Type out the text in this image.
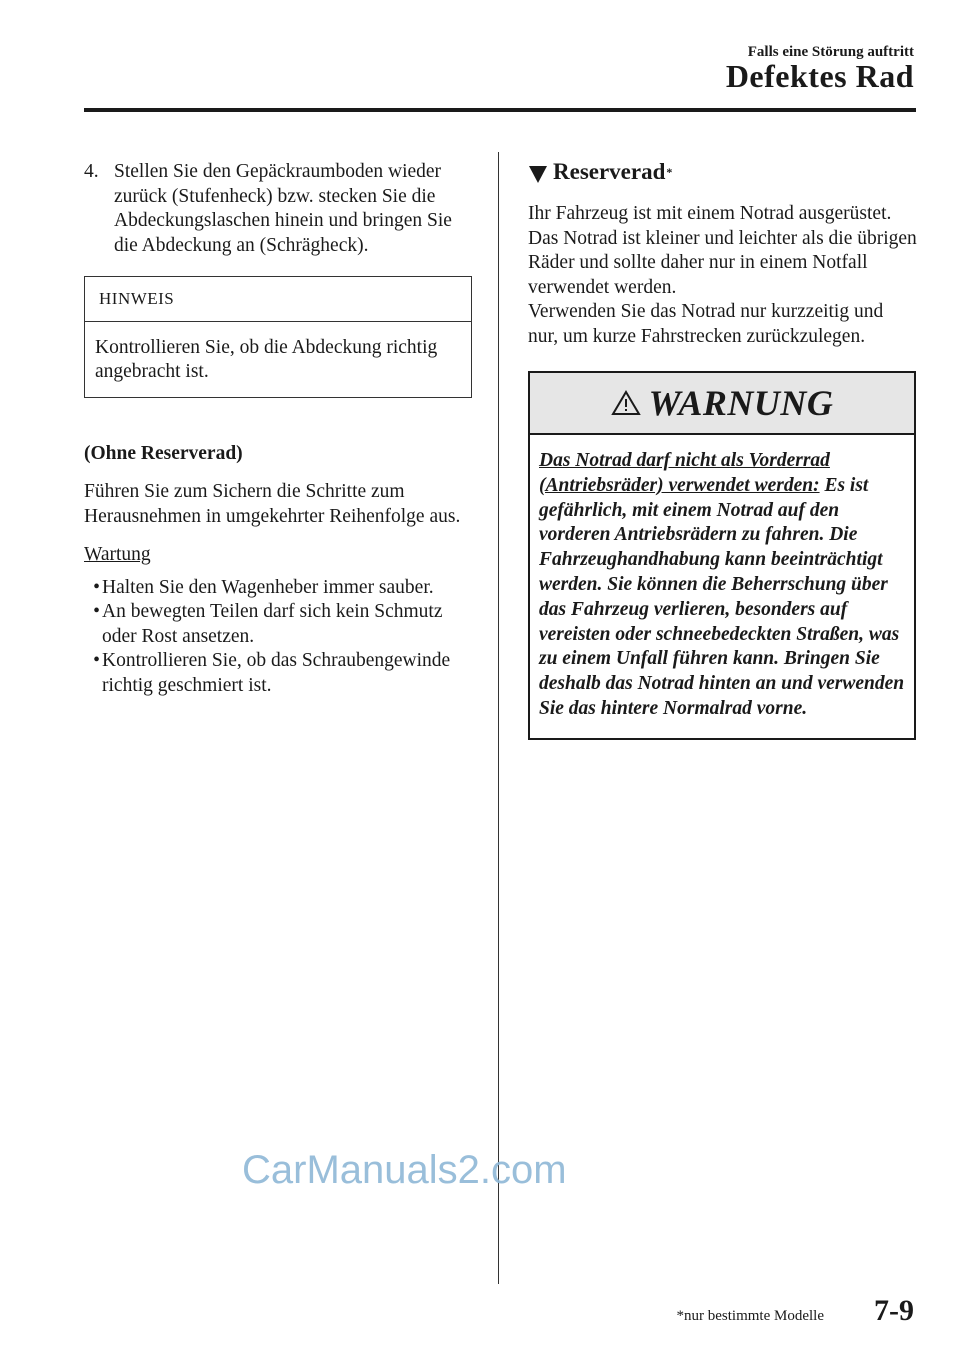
Falls eine Störung auftritt
Defektes Rad
4. Stellen Sie den Gepäckraumboden wieder zurück (Stufenheck) bzw. stecken Sie die Abdeckungslaschen hinein und bringen Sie die Abdeckung an (Schrägheck).
HINWEIS
Kontrollieren Sie, ob die Abdeckung richtig angebracht ist.
(Ohne Reserverad)
Führen Sie zum Sichern die Schritte zum Herausnehmen in umgekehrter Reihenfolge aus.
Wartung
• Halten Sie den Wagenheber immer sauber.
• An bewegten Teilen darf sich kein Schmutz oder Rost ansetzen.
• Kontrollieren Sie, ob das Schraubengewinde richtig geschmiert ist.
Reserverad *
Ihr Fahrzeug ist mit einem Notrad ausgerüstet.
Das Notrad ist kleiner und leichter als die übrigen Räder und sollte daher nur in einem Notfall verwendet werden.
Verwenden Sie das Notrad nur kurzzeitig und nur, um kurze Fahrstrecken zurückzulegen.
WARNUNG
Das Notrad darf nicht als Vorderrad (Antriebsräder) verwendet werden: Es ist gefährlich, mit einem Notrad auf den vorderen Antriebsrädern zu fahren. Die Fahrzeughandhabung kann beeinträchtigt werden. Sie können die Beherrschung über das Fahrzeug verlieren, besonders auf vereisten oder schneebedeckten Straßen, was zu einem Unfall führen kann. Bringen Sie deshalb das Notrad hinten an und verwenden Sie das hintere Normalrad vorne.
CarManuals2.com
*nur bestimmte Modelle 7-9
